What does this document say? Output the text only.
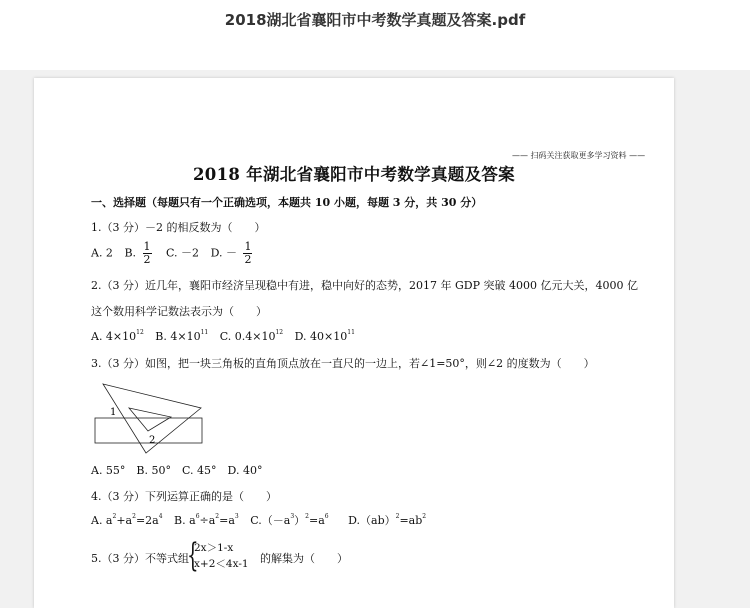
2018湖北省襄阳市中考数学真题及答案.pdf
—— 扫码关注获取更多学习资料 ——
2018 年湖北省襄阳市中考数学真题及答案
一、选择题（每题只有一个正确选项，本题共 10 小题，每题 3 分，共 30 分）
1.（3 分）－2 的相反数为（　　）
A. 2 B. $\frac{1}{2} C$. －2 D. － $\frac{1}{2}$
2.（3 分）近几年，襄阳市经济呈现稳中有进，稳中向好的态势，2017 年 GDP 突破 4000 亿元大关，4000 亿
这个数用科学记数法表示为（　　）
A. $4\times 10^{12}$ B. $4\times 10^{11}$ C. $0.4\times 10^{12}$ D. $40\times 10^{11}$
3.（3 分）如图，把一块三角板的直角顶点放在一直尺的一边上，若∠1=50°，则∠2 的度数为（　　）
1
2
A. 55°　B. 50°　C. 45°　D. 40°
4.（3 分）下列运算正确的是（　　）
A. $a^2+a^2=2a^4$ B. $a^6\div a^2=a^3$ $C.(-a^3)^2=a^6$ $D.(ab)^2=ab^2$
5.（3 分）不等式组
{
2x＞1-x
x+2＜4x-1 的解集为（　　）
